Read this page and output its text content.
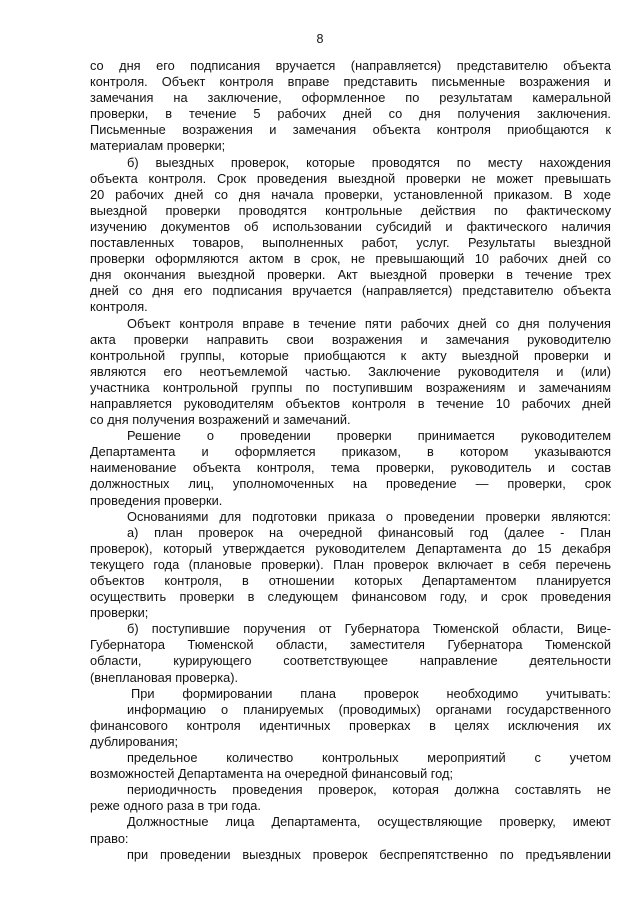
8
со дня его подписания вручается (направляется) представителю объекта
контроля. Объект контроля вправе представить письменные возражения и
замечания на заключение, оформленное по результатам камеральной
проверки, в течение 5 рабочих дней со дня получения заключения.
Письменные возражения и замечания объекта контроля приобщаются к
материалам проверки;
б) выездных проверок, которые проводятся по месту нахождения
объекта контроля. Срок проведения выездной проверки не может превышать
20 рабочих дней со дня начала проверки, установленной приказом. В ходе
выездной проверки проводятся контрольные действия по фактическому
изучению документов об использовании субсидий и фактического наличия
поставленных товаров, выполненных работ, услуг. Результаты выездной
проверки оформляются актом в срок, не превышающий 10 рабочих дней со
дня окончания выездной проверки. Акт выездной проверки в течение трех
дней со дня его подписания вручается (направляется) представителю объекта
контроля.
Объект контроля вправе в течение пяти рабочих дней со дня получения
акта проверки направить свои возражения и замечания руководителю
контрольной группы, которые приобщаются к акту выездной проверки и
являются его неотъемлемой частью. Заключение руководителя и (или)
участника контрольной группы по поступившим возражениям и замечаниям
направляется руководителям объектов контроля в течение 10 рабочих дней
со дня получения возражений и замечаний.
Решение о проведении проверки принимается руководителем
Департамента и оформляется приказом, в котором указываются
наименование объекта контроля, тема проверки, руководитель и состав
должностных лиц, уполномоченных на проведение — проверки, срок
проведения проверки.
Основаниями для подготовки приказа о проведении проверки являются:
а) план проверок на очередной финансовый год (далее - План
проверок), который утверждается руководителем Департамента до 15 декабря
текущего года (плановые проверки). План проверок включает в себя перечень
объектов контроля, в отношении которых Департаментом планируется
осуществить проверки в следующем финансовом году, и срок проведения
проверки;
б) поступившие поручения от Губернатора Тюменской области, Вице-
Губернатора Тюменской области, заместителя Губернатора Тюменской
области, курирующего соответствующее направление деятельности
(внеплановая проверка).
При формировании плана проверок необходимо учитывать:
информацию о планируемых (проводимых) органами государственного
финансового контроля идентичных проверках в целях исключения их
дублирования;
предельное количество контрольных мероприятий с учетом
возможностей Департамента на очередной финансовый год;
периодичность проведения проверок, которая должна составлять не
реже одного раза в три года.
Должностные лица Департамента, осуществляющие проверку, имеют
право:
при проведении выездных проверок беспрепятственно по предъявлении
